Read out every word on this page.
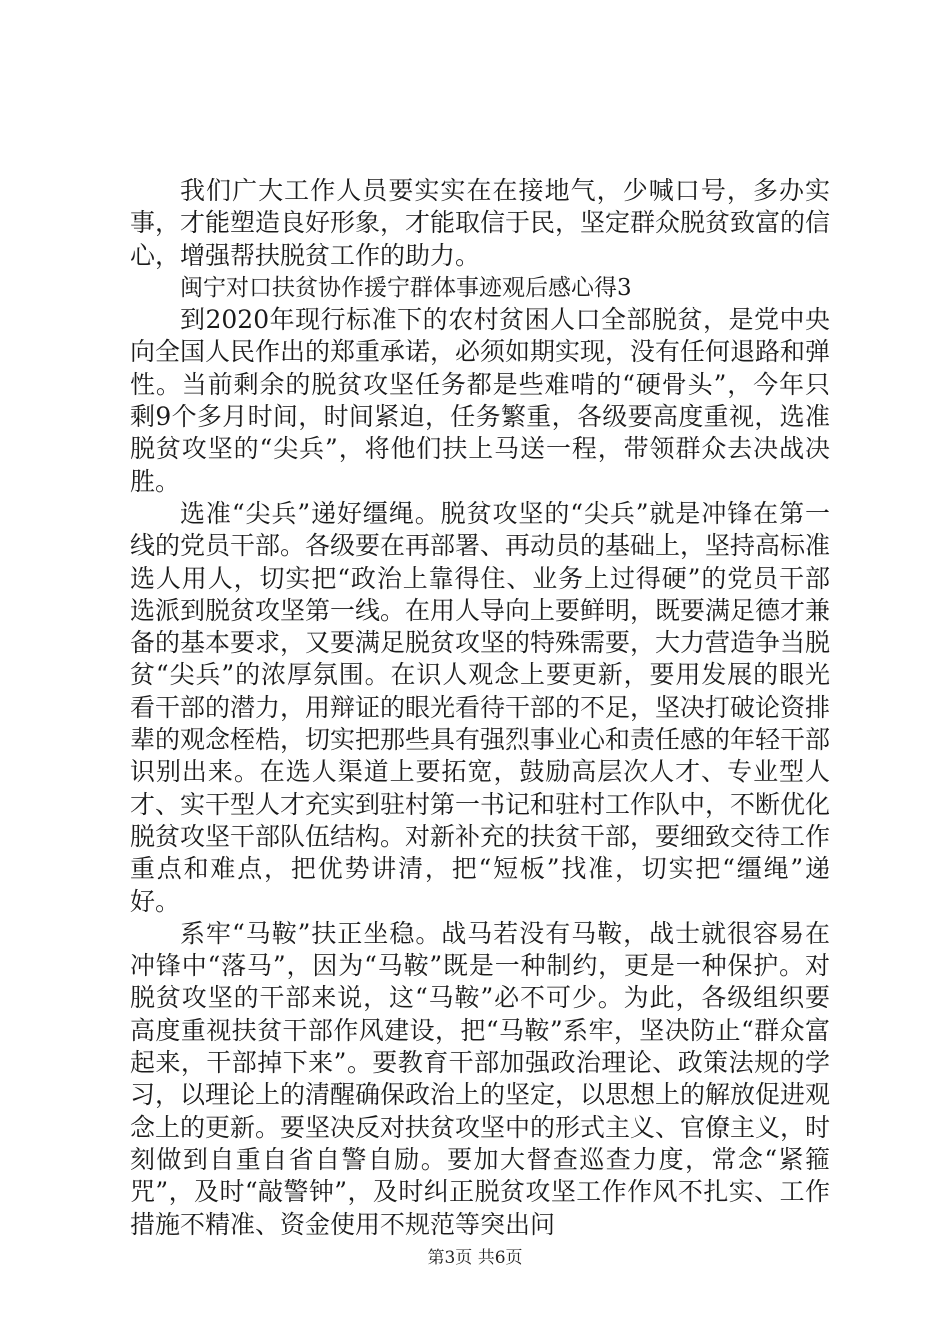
我们广大工作人员要实实在在接地气，少喊口号，多办实事，才能塑造良好形象，才能取信于民，坚定群众脱贫致富的信心，增强帮扶脱贫工作的助力。

闽宁对口扶贫协作援宁群体事迹观后感心得3

到2020年现行标准下的农村贫困人口全部脱贫，是党中央向全国人民作出的郑重承诺，必须如期实现，没有任何退路和弹性。当前剩余的脱贫攻坚任务都是些难啃的“硬骨头”，今年只剩9个多月时间，时间紧迫，任务繁重，各级要高度重视，选准脱贫攻坚的“尖兵”，将他们扶上马送一程，带领群众去决战决胜。

选准“尖兵”递好缰绳。脱贫攻坚的“尖兵”就是冲锋在第一线的党员干部。各级要在再部署、再动员的基础上，坚持高标准选人用人，切实把“政治上靠得住、业务上过得硬”的党员干部选派到脱贫攻坚第一线。在用人导向上要鲜明，既要满足德才兼备的基本要求，又要满足脱贫攻坚的特殊需要，大力营造争当脱贫“尖兵”的浓厚氛围。在识人观念上要更新，要用发展的眼光看干部的潜力，用辩证的眼光看待干部的不足，坚决打破论资排辈的观念桎梏，切实把那些具有强烈事业心和责任感的年轻干部识别出来。在选人渠道上要拓宽，鼓励高层次人才、专业型人才、实干型人才充实到驻村第一书记和驻村工作队中，不断优化脱贫攻坚干部队伍结构。对新补充的扶贫干部，要细致交待工作重点和难点，把优势讲清，把“短板”找准，切实把“缰绳”递好。

系牢“马鞍”扶正坐稳。战马若没有马鞍，战士就很容易在冲锋中“落马”，因为“马鞍”既是一种制约，更是一种保护。对脱贫攻坚的干部来说，这“马鞍”必不可少。为此，各级组织要高度重视扶贫干部作风建设，把“马鞍”系牢，坚决防止“群众富起来，干部掉下来”。要教育干部加强政治理论、政策法规的学习，以理论上的清醒确保政治上的坚定，以思想上的解放促进观念上的更新。要坚决反对扶贫攻坚中的形式主义、官僚主义，时刻做到自重自省自警自励。要加大督查巡查力度，常念“紧箍咒”，及时“敲警钟”，及时纠正脱贫攻坚工作作风不扎实、工作措施不精准、资金使用不规范等突出问

第3页 共6页
